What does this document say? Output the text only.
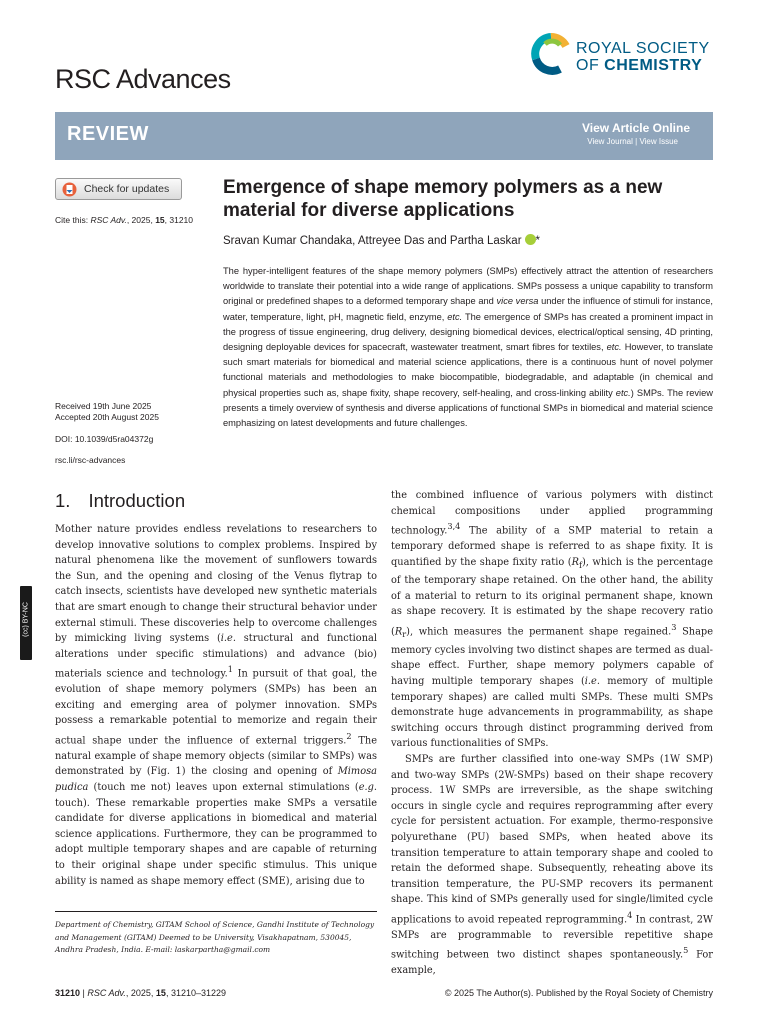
RSC Advances
ROYAL SOCIETY
OF CHEMISTRY
REVIEW	View Article Online
View Journal | View Issue
Check for updates
Cite this: RSC Adv., 2025, 15, 31210
Received 19th June 2025
Accepted 20th August 2025
DOI: 10.1039/d5ra04372g
rsc.li/rsc-advances
Emergence of shape memory polymers as a new material for diverse applications
Sravan Kumar Chandaka, Attreyee Das and Partha Laskar *
The hyper-intelligent features of the shape memory polymers (SMPs) effectively attract the attention of researchers worldwide to translate their potential into a wide range of applications. SMPs possess a unique capability to transform original or predefined shapes to a deformed temporary shape and vice versa under the influence of stimuli for instance, water, temperature, light, pH, magnetic field, enzyme, etc. The emergence of SMPs has created a prominent impact in the progress of tissue engineering, drug delivery, designing biomedical devices, electrical/optical sensing, 4D printing, designing deployable devices for spacecraft, wastewater treatment, smart fibres for textiles, etc. However, to translate such smart materials for biomedical and material science applications, there is a continuous hunt of novel polymer functional materials and methodologies to make biocompatible, biodegradable, and adaptable (in chemical and physical properties such as, shape fixity, shape recovery, self-healing, and cross-linking ability etc.) SMPs. The review presents a timely overview of synthesis and diverse applications of functional SMPs in biomedical and material science emphasizing on latest developments and future challenges.
1. Introduction

Mother nature provides endless revelations to researchers to develop innovative solutions to complex problems. Inspired by natural phenomena like the movement of sunflowers towards the Sun, and the opening and closing of the Venus flytrap to catch insects, scientists have developed new synthetic materials that are smart enough to change their structural behavior under external stimuli. These discoveries help to overcome challenges by mimicking living systems (i.e. structural and functional alterations under specific stimulations) and advance (bio) materials science and technology.$^1$ In pursuit of that goal, the evolution of shape memory polymers (SMPs) has been an exciting and emerging area of polymer innovation. SMPs possess a remarkable potential to memorize and regain their actual shape under the influence of external triggers.$^2$ The natural example of shape memory objects (similar to SMPs) was demonstrated by (Fig. 1) the closing and opening of Mimosa pudica (touch me not) leaves upon external stimulations (e.g. touch). These remarkable properties make SMPs a versatile candidate for diverse applications in biomedical and material science applications. Furthermore, they can be programmed to adopt multiple temporary shapes and are capable of returning to their original shape under specific stimulus. This unique ability is named as shape memory effect (SME), arising due to

the combined influence of various polymers with distinct chemical compositions under applied programming technology.$^{3,4}$ The ability of a SMP material to retain a temporary deformed shape is referred to as shape fixity. It is quantified by the shape fixity ratio $(R_f)$, which is the percentage of the temporary shape retained. On the other hand, the ability of a material to return to its original permanent shape, known as shape recovery. It is estimated by the shape recovery ratio $(R_r)$, which measures the permanent shape regained.$^3$ Shape memory cycles involving two distinct shapes are termed as dual-shape effect. Further, shape memory polymers capable of having multiple temporary shapes (i.e. memory of multiple temporary shapes) are called multi SMPs. These multi SMPs demonstrate huge advancements in programmability, as shape switching occurs through distinct programming derived from various functionalities of SMPs.

SMPs are further classified into one-way SMPs (1W SMP) and two-way SMPs (2W-SMPs) based on their shape recovery process. 1W SMPs are irreversible, as the shape switching occurs in single cycle and requires reprogramming after every cycle for persistent actuation. For example, thermo-responsive polyurethane (PU) based SMPs, when heated above its transition temperature to attain temporary shape and cooled to retain the deformed shape. Subsequently, reheating above its transition temperature, the PU-SMP recovers its permanent shape. This kind of SMPs generally used for single/limited cycle applications to avoid repeated reprogramming.$^4$ In contrast, 2W SMPs are programmable to reversible repetitive shape switching between two distinct shapes spontaneously.$^5$ For example,

Department of Chemistry, GITAM School of Science, Gandhi Institute of Technology and Management (GITAM) Deemed to be University, Visakhapatnam, 530045, Andhra Pradesh, India. E-mail: laskarpartha@gmail.com
(cc) BY-NC
31210 | RSC Adv., 2025, 15, 31210–31229	© 2025 The Author(s). Published by the Royal Society of Chemistry
